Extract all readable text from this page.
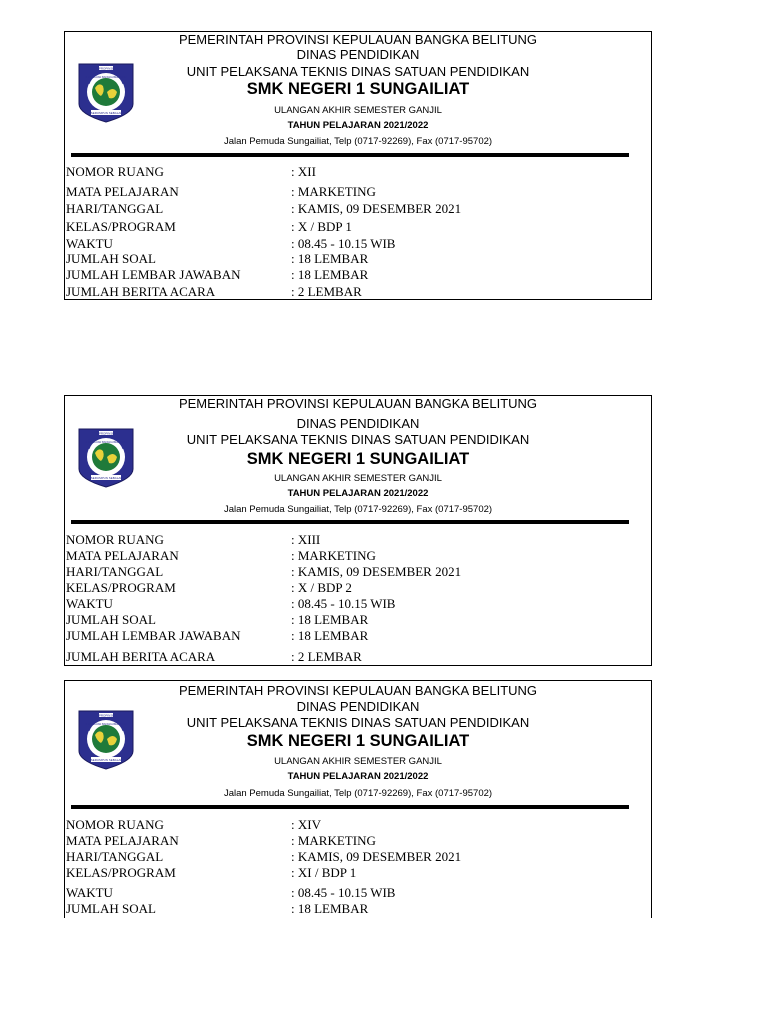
PEMERINTAH PROVINSI KEPULAUAN BANGKA BELITUNG
DINAS PENDIDIKAN
UNIT PELAKSANA TEKNIS DINAS SATUAN PENDIDIKAN
SMK NEGERI 1 SUNGAILIAT
ULANGAN AKHIR SEMESTER GANJIL
TAHUN PELAJARAN 2021/2022
Jalan Pemuda Sungailiat, Telp (0717-92269), Fax (0717-95702)
PROPINSI
KEPULAUAN BANGKA BELITUNG
SERUMPUN SEBALAI
NOMOR RUANG	: XII
MATA PELAJARAN	: MARKETING
HARI/TANGGAL	: KAMIS, 09 DESEMBER 2021
KELAS/PROGRAM	: X / BDP 1
WAKTU	: 08.45 - 10.15 WIB
JUMLAH SOAL	: 18 LEMBAR
JUMLAH LEMBAR JAWABAN	: 18 LEMBAR
JUMLAH BERITA ACARA	: 2 LEMBAR
PEMERINTAH PROVINSI KEPULAUAN BANGKA BELITUNG
DINAS PENDIDIKAN
UNIT PELAKSANA TEKNIS DINAS SATUAN PENDIDIKAN
SMK NEGERI 1 SUNGAILIAT
ULANGAN AKHIR SEMESTER GANJIL
TAHUN PELAJARAN 2021/2022
Jalan Pemuda Sungailiat, Telp (0717-92269), Fax (0717-95702)
PROPINSI
KEPULAUAN BANGKA BELITUNG
SERUMPUN SEBALAI
NOMOR RUANG	: XIII
MATA PELAJARAN	: MARKETING
HARI/TANGGAL	: KAMIS, 09 DESEMBER 2021
KELAS/PROGRAM	: X / BDP 2
WAKTU	: 08.45 - 10.15 WIB
JUMLAH SOAL	: 18 LEMBAR
JUMLAH LEMBAR JAWABAN	: 18 LEMBAR
JUMLAH BERITA ACARA	: 2 LEMBAR
PEMERINTAH PROVINSI KEPULAUAN BANGKA BELITUNG
DINAS PENDIDIKAN
UNIT PELAKSANA TEKNIS DINAS SATUAN PENDIDIKAN
SMK NEGERI 1 SUNGAILIAT
ULANGAN AKHIR SEMESTER GANJIL
TAHUN PELAJARAN 2021/2022
Jalan Pemuda Sungailiat, Telp (0717-92269), Fax (0717-95702)
PROPINSI
KEPULAUAN BANGKA BELITUNG
SERUMPUN SEBALAI
NOMOR RUANG	: XIV
MATA PELAJARAN	: MARKETING
HARI/TANGGAL	: KAMIS, 09 DESEMBER 2021
KELAS/PROGRAM	: XI / BDP 1
WAKTU	: 08.45 - 10.15 WIB
JUMLAH SOAL	: 18 LEMBAR
